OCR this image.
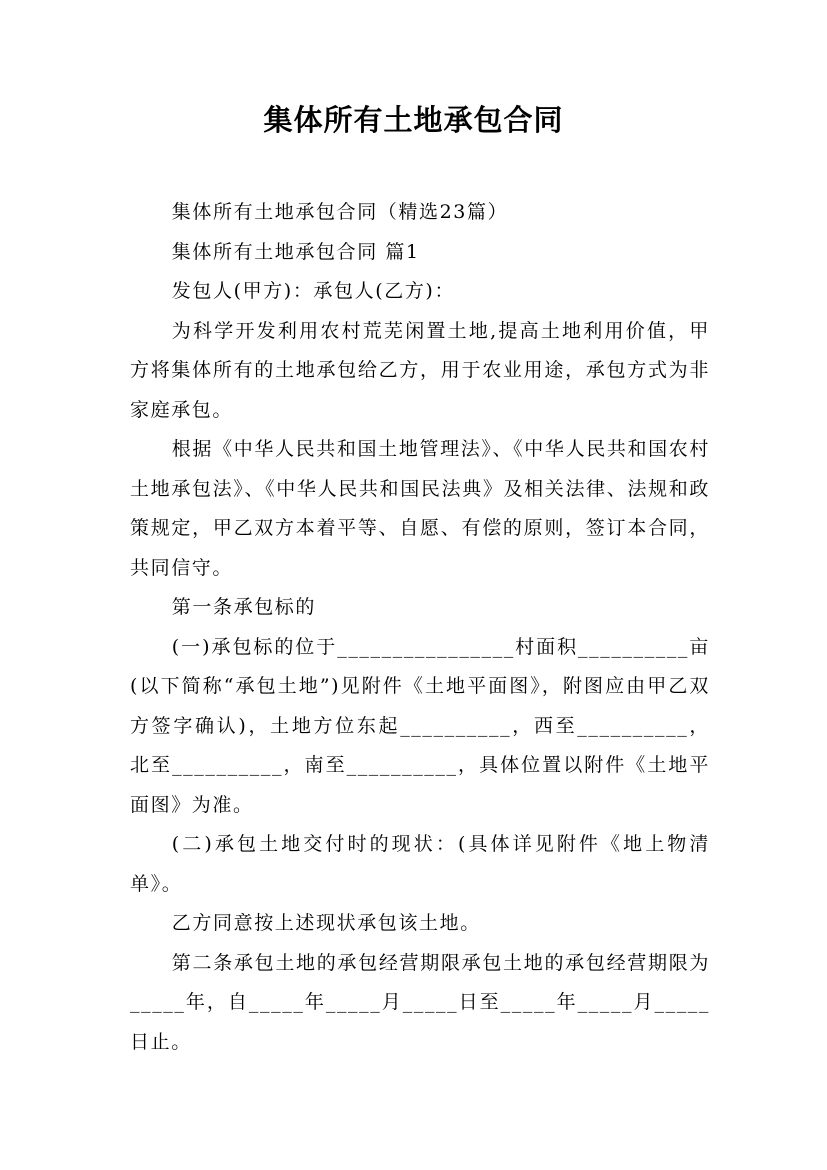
集体所有土地承包合同

集体所有土地承包合同（精选23篇）

集体所有土地承包合同 篇1

发包人(甲方)：承包人(乙方)：

为科学开发利用农村荒芜闲置土地,提高土地利用价值，甲方将集体所有的土地承包给乙方，用于农业用途，承包方式为非家庭承包。

根据《中华人民共和国土地管理法》、《中华人民共和国农村土地承包法》、《中华人民共和国民法典》及相关法律、法规和政策规定，甲乙双方本着平等、自愿、有偿的原则，签订本合同，共同信守。

第一条承包标的

(一)承包标的位于________________村面积__________亩(以下简称“承包土地”)见附件《土地平面图》，附图应由甲乙双方签字确认)，土地方位东起__________，西至__________，北至__________，南至__________，具体位置以附件《土地平面图》为准。

(二)承包土地交付时的现状：(具体详见附件《地上物清单》。

乙方同意按上述现状承包该土地。

第二条承包土地的承包经营期限承包土地的承包经营期限为_____年，自_____年_____月_____日至_____年_____月_____日止。
